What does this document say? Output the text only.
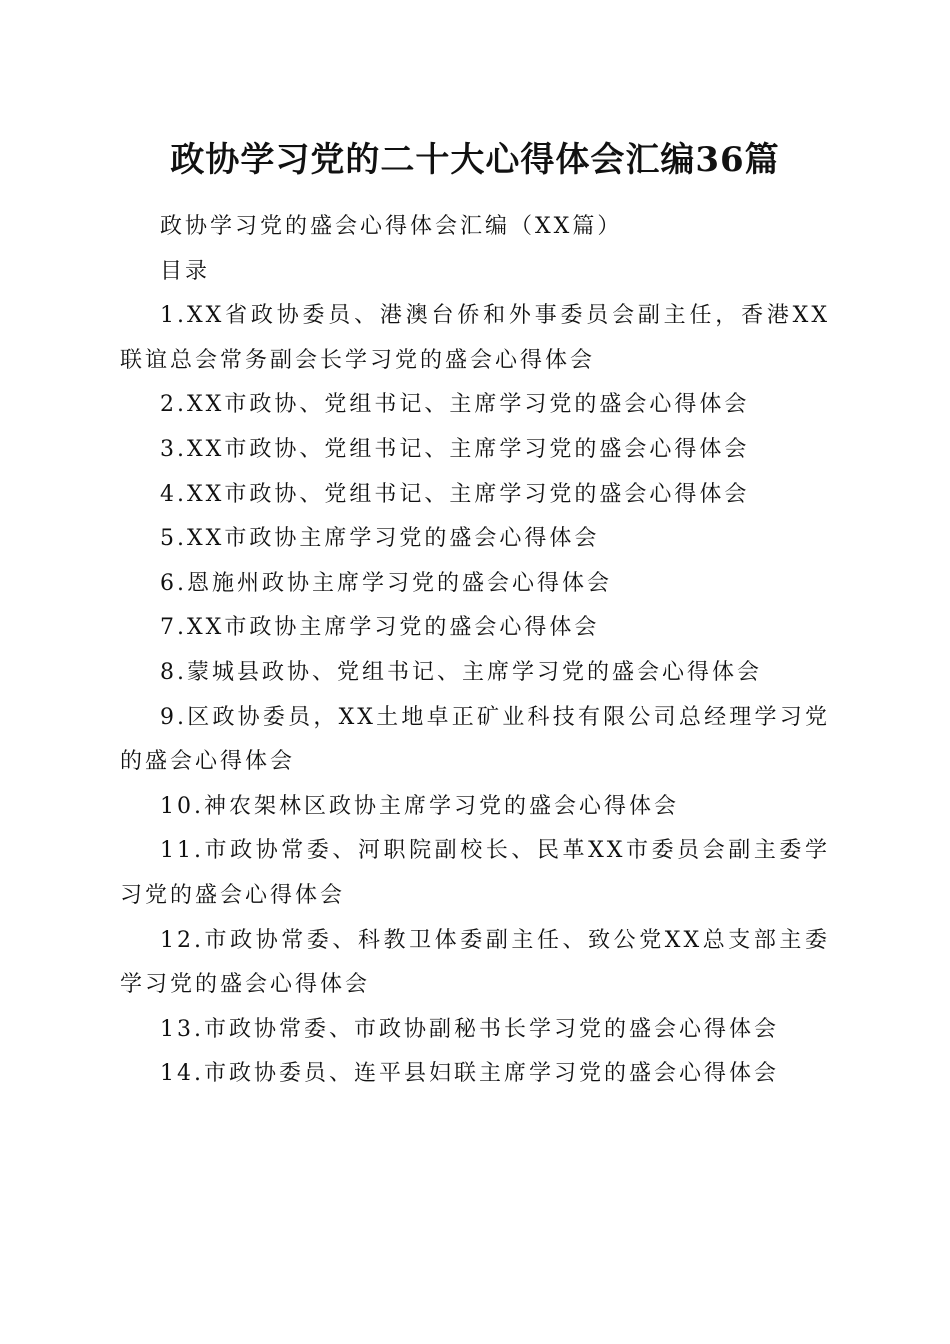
政协学习党的二十大心得体会汇编36篇

政协学习党的盛会心得体会汇编（XX篇）

目录

1.XX省政协委员、港澳台侨和外事委员会副主任，香港XX联谊总会常务副会长学习党的盛会心得体会

2.XX市政协、党组书记、主席学习党的盛会心得体会

3.XX市政协、党组书记、主席学习党的盛会心得体会

4.XX市政协、党组书记、主席学习党的盛会心得体会

5.XX市政协主席学习党的盛会心得体会

6.恩施州政协主席学习党的盛会心得体会

7.XX市政协主席学习党的盛会心得体会

8.蒙城县政协、党组书记、主席学习党的盛会心得体会

9.区政协委员，XX土地卓正矿业科技有限公司总经理学习党的盛会心得体会

10.神农架林区政协主席学习党的盛会心得体会

11.市政协常委、河职院副校长、民革XX市委员会副主委学习党的盛会心得体会

12.市政协常委、科教卫体委副主任、致公党XX总支部主委学习党的盛会心得体会

13.市政协常委、市政协副秘书长学习党的盛会心得体会

14.市政协委员、连平县妇联主席学习党的盛会心得体会
